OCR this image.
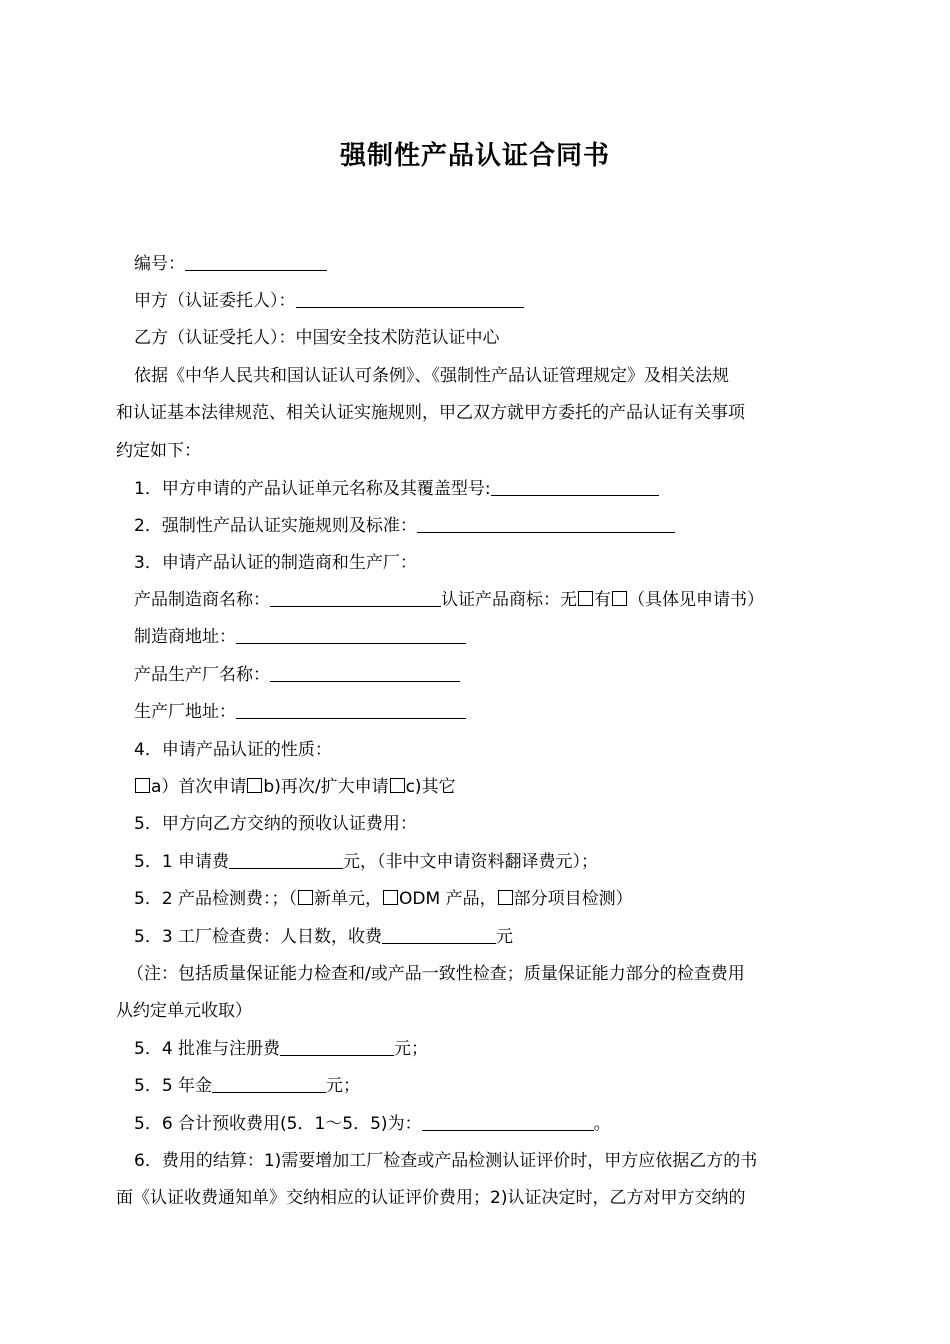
强制性产品认证合同书
编号：
甲方（认证委托人）：
乙方（认证受托人）：中国安全技术防范认证中心
依据《中华人民共和国认证认可条例》、《强制性产品认证管理规定》及相关法规
和认证基本法律规范、相关认证实施规则，甲乙双方就甲方委托的产品认证有关事项
约定如下：
1．甲方申请的产品认证单元名称及其覆盖型号:
2．强制性产品认证实施规则及标准：
3．申请产品认证的制造商和生产厂：
产品制造商名称：	认证产品商标：无 有 （具体见申请书）
制造商地址：
产品生产厂名称：
生产厂地址：
4．申请产品认证的性质：
a）首次申请 b)再次/扩大申请 c)其它
5．甲方向乙方交纳的预收认证费用：
5．1 申请费	元，（非中文申请资料翻译费元）；
5．2 产品检测费：；（ 新单元， ODM 产品， 部分项目检测）
5．3 工厂检查费：人日数，收费	元
（注：包括质量保证能力检查和/或产品一致性检查；质量保证能力部分的检查费用
从约定单元收取）
5．4 批准与注册费	元；
5．5 年金	元；
5．6 合计预收费用(5．1～5．5)为：	。
6．费用的结算：1)需要增加工厂检查或产品检测认证评价时，甲方应依据乙方的书
面《认证收费通知单》交纳相应的认证评价费用；2)认证决定时，乙方对甲方交纳的
